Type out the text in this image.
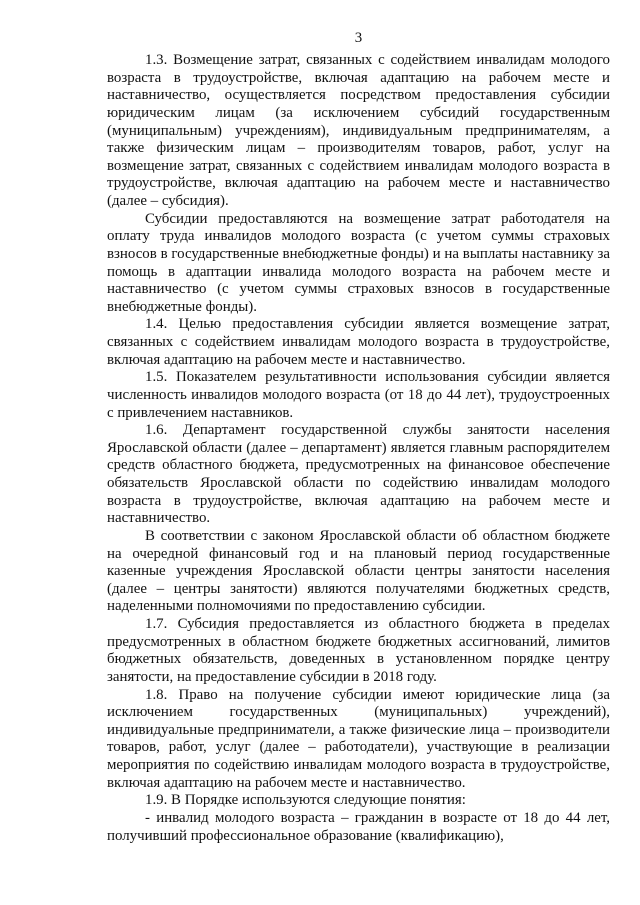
3

1.3. Возмещение затрат, связанных с содействием инвалидам молодого возраста в трудоустройстве, включая адаптацию на рабочем месте и наставничество, осуществляется посредством предоставления субсидии юридическим лицам (за исключением субсидий государственным (муниципальным) учреждениям), индивидуальным предпринимателям, а также физическим лицам – производителям товаров, работ, услуг на возмещение затрат, связанных с содействием инвалидам молодого возраста в трудоустройстве, включая адаптацию на рабочем месте и наставничество (далее – субсидия).

Субсидии предоставляются на возмещение затрат работодателя на оплату труда инвалидов молодого возраста (с учетом суммы страховых взносов в государственные внебюджетные фонды) и на выплаты наставнику за помощь в адаптации инвалида молодого возраста на рабочем месте и наставничество (с учетом суммы страховых взносов в государственные внебюджетные фонды).

1.4. Целью предоставления субсидии является возмещение затрат, связанных с содействием инвалидам молодого возраста в трудоустройстве, включая адаптацию на рабочем месте и наставничество.

1.5. Показателем результативности использования субсидии является численность инвалидов молодого возраста (от 18 до 44 лет), трудоустроенных с привлечением наставников.

1.6. Департамент государственной службы занятости населения Ярославской области (далее – департамент) является главным распорядителем средств областного бюджета, предусмотренных на финансовое обеспечение обязательств Ярославской области по содействию инвалидам молодого возраста в трудоустройстве, включая адаптацию на рабочем месте и наставничество.

В соответствии с законом Ярославской области об областном бюджете на очередной финансовый год и на плановый период государственные казенные учреждения Ярославской области центры занятости населения (далее – центры занятости) являются получателями бюджетных средств, наделенными полномочиями по предоставлению субсидии.

1.7. Субсидия предоставляется из областного бюджета в пределах предусмотренных в областном бюджете бюджетных ассигнований, лимитов бюджетных обязательств, доведенных в установленном порядке центру занятости, на предоставление субсидии в 2018 году.

1.8. Право на получение субсидии имеют юридические лица (за исключением государственных (муниципальных) учреждений), индивидуальные предприниматели, а также физические лица – производители товаров, работ, услуг (далее – работодатели), участвующие в реализации мероприятия по содействию инвалидам молодого возраста в трудоустройстве, включая адаптацию на рабочем месте и наставничество.

1.9. В Порядке используются следующие понятия:

- инвалид молодого возраста – гражданин в возрасте от 18 до 44 лет, получивший профессиональное образование (квалификацию),
